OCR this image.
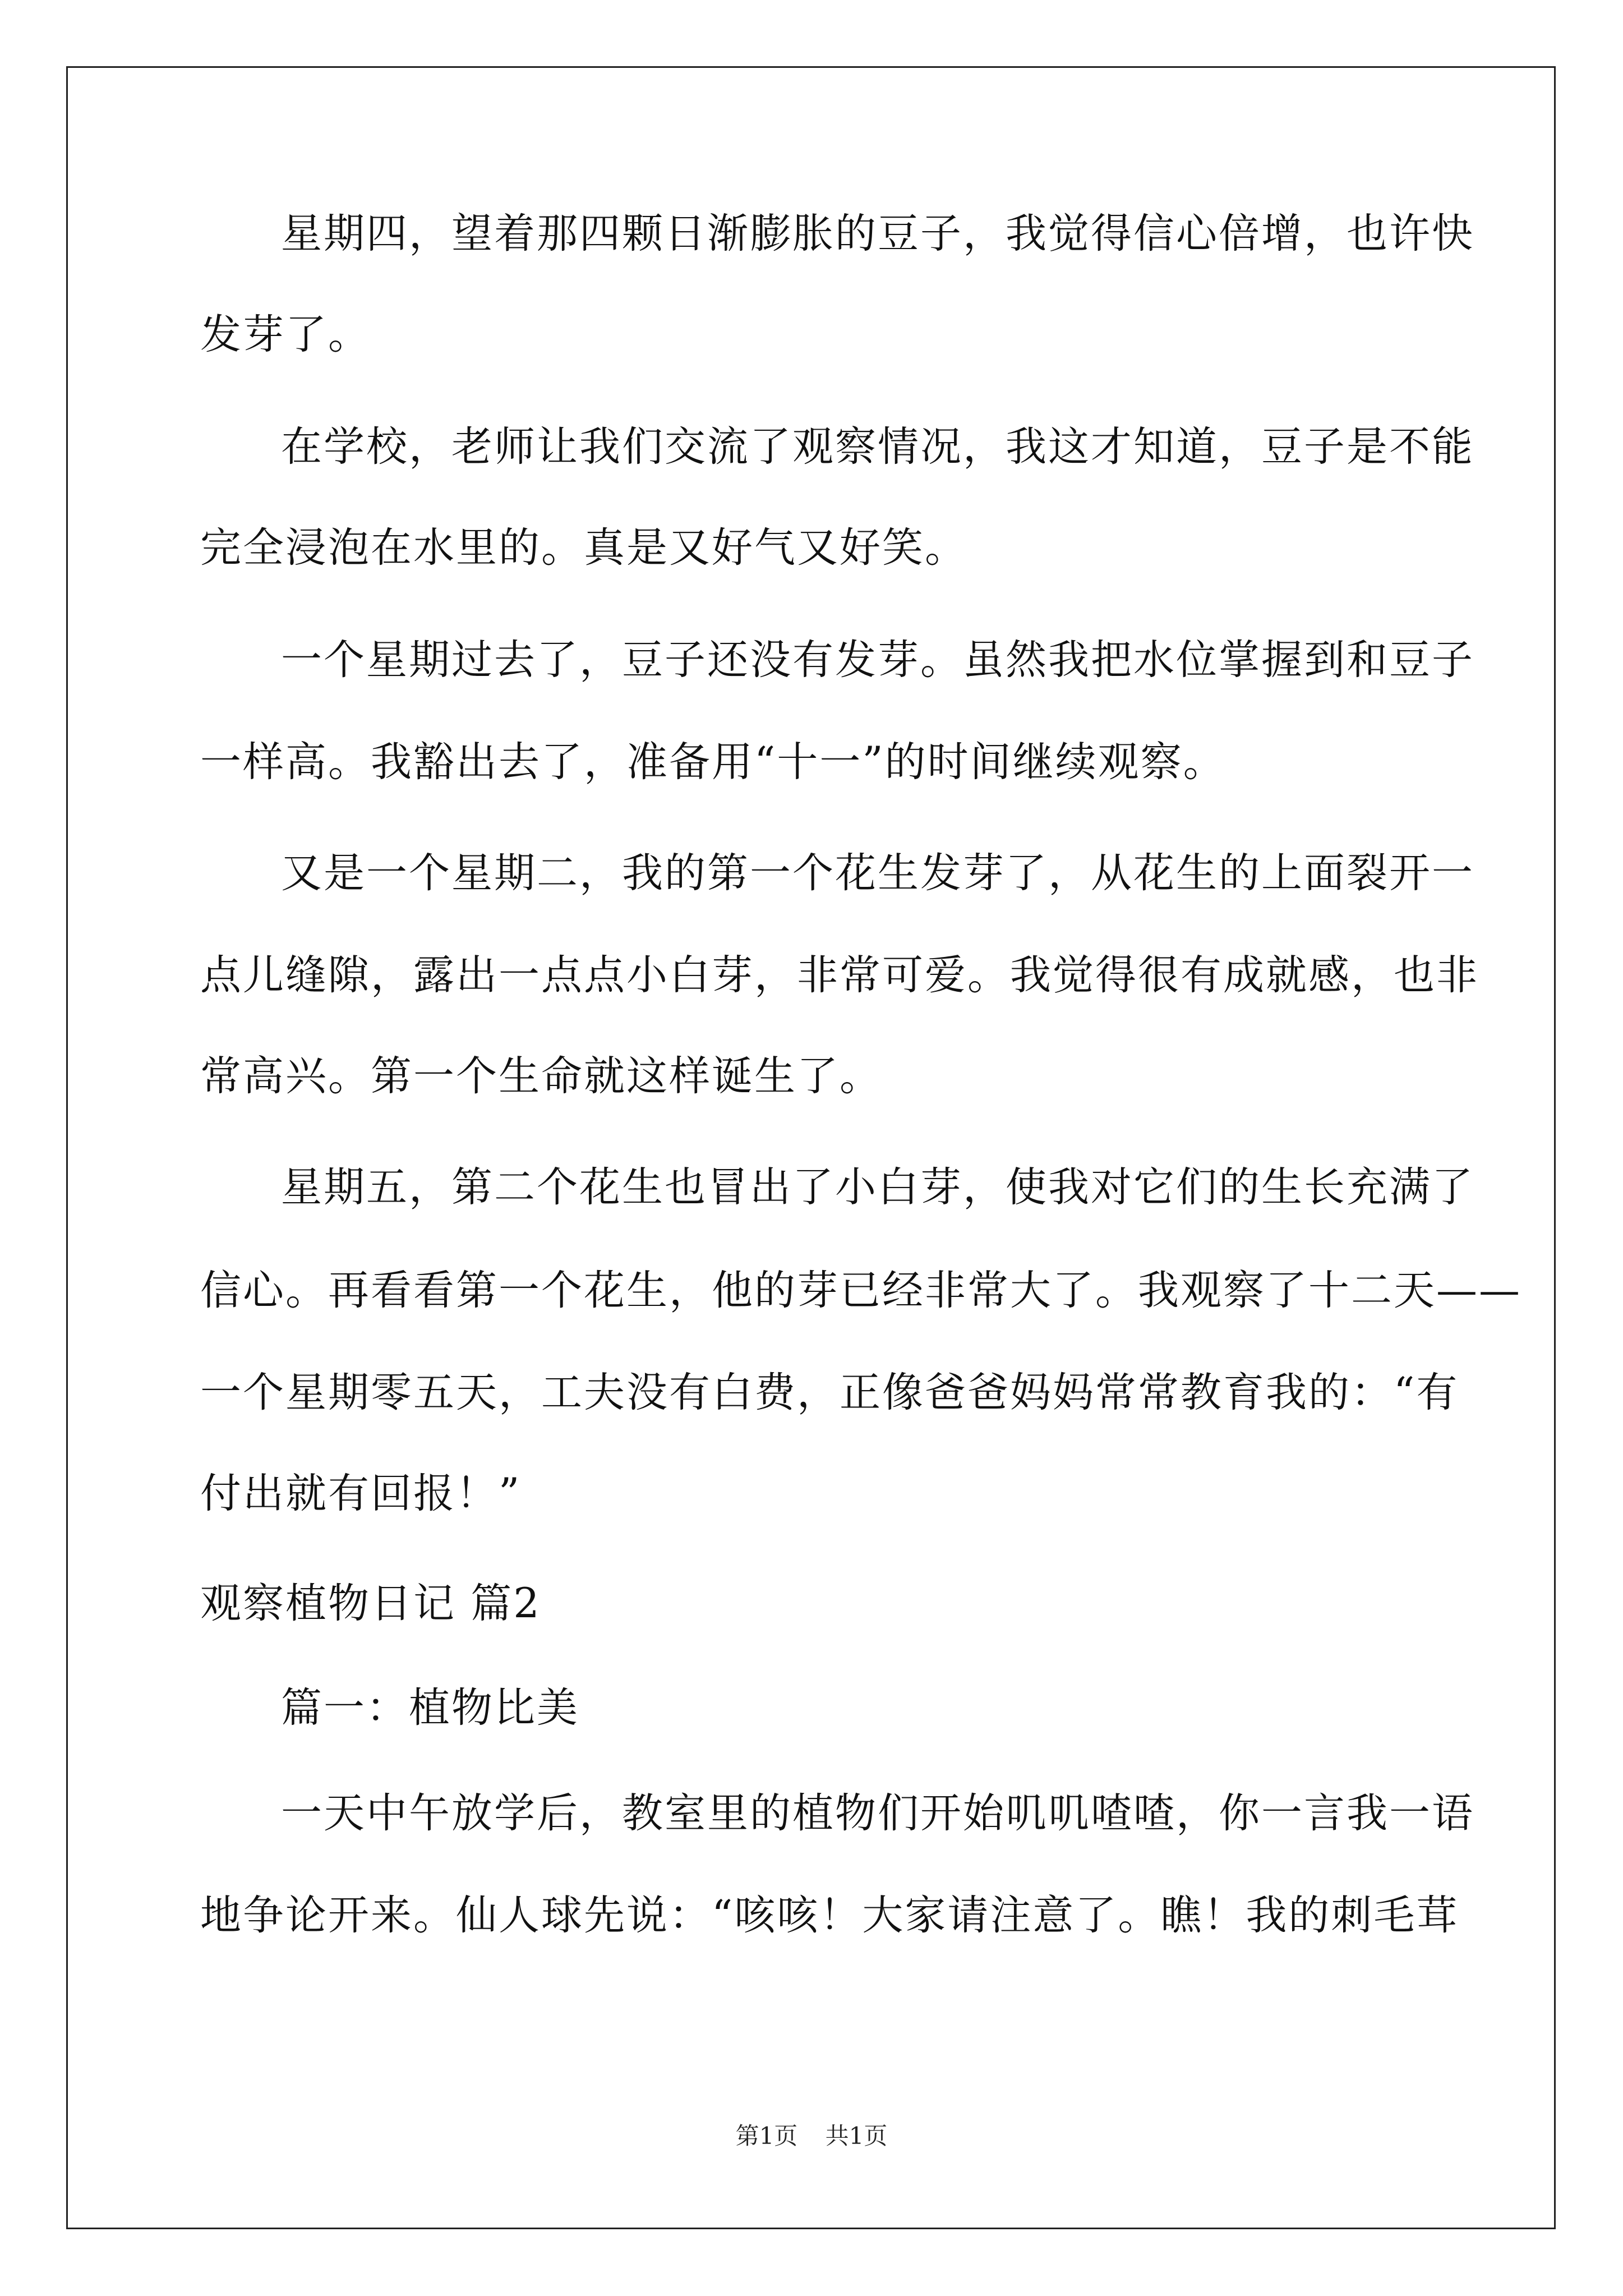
星期四，望着那四颗日渐膨胀的豆子，我觉得信心倍增，也许快
发芽了。
在学校，老师让我们交流了观察情况，我这才知道，豆子是不能
完全浸泡在水里的。真是又好气又好笑。
一个星期过去了，豆子还没有发芽。虽然我把水位掌握到和豆子
一样高。我豁出去了，准备用“十一”的时间继续观察。
又是一个星期二，我的第一个花生发芽了，从花生的上面裂开一
点儿缝隙，露出一点点小白芽，非常可爱。我觉得很有成就感，也非
常高兴。第一个生命就这样诞生了。
星期五，第二个花生也冒出了小白芽，使我对它们的生长充满了
信心。再看看第一个花生，他的芽已经非常大了。我观察了十二天——
一个星期零五天，工夫没有白费，正像爸爸妈妈常常教育我的：“有
付出就有回报！”
观察植物日记 篇2
篇一：植物比美
一天中午放学后，教室里的植物们开始叽叽喳喳，你一言我一语
地争论开来。仙人球先说：“咳咳！大家请注意了。瞧！我的刺毛茸
第1页 共1页
